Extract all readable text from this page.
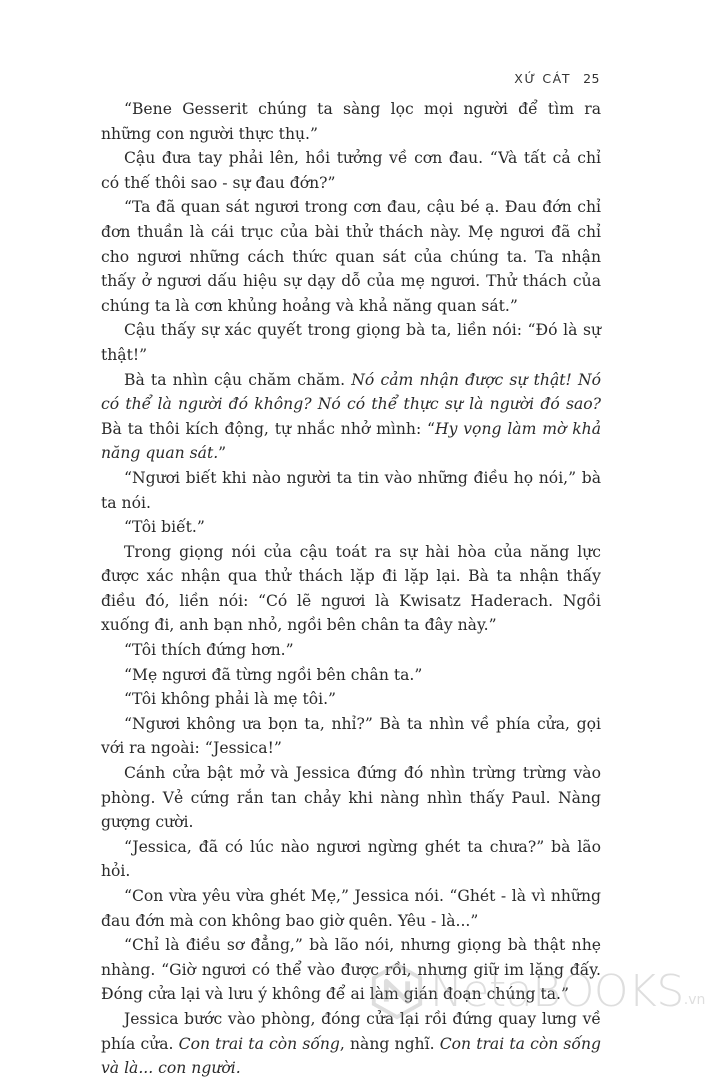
XỨ CÁT 25

“Bene Gesserit chúng ta sàng lọc mọi người để tìm ra những con người thực thụ.”

Cậu đưa tay phải lên, hồi tưởng về cơn đau. “Và tất cả chỉ có thế thôi sao - sự đau đớn?”

“Ta đã quan sát ngươi trong cơn đau, cậu bé ạ. Đau đớn chỉ đơn thuần là cái trục của bài thử thách này. Mẹ ngươi đã chỉ cho ngươi những cách thức quan sát của chúng ta. Ta nhận thấy ở ngươi dấu hiệu sự dạy dỗ của mẹ ngươi. Thử thách của chúng ta là cơn khủng hoảng và khả năng quan sát.”

Cậu thấy sự xác quyết trong giọng bà ta, liền nói: “Đó là sự thật!”

Bà ta nhìn cậu chăm chăm. Nó cảm nhận được sự thật! Nó có thể là người đó không? Nó có thể thực sự là người đó sao? Bà ta thôi kích động, tự nhắc nhở mình: “Hy vọng làm mờ khả năng quan sát.”

“Ngươi biết khi nào người ta tin vào những điều họ nói,” bà ta nói.

“Tôi biết.”

Trong giọng nói của cậu toát ra sự hài hòa của năng lực được xác nhận qua thử thách lặp đi lặp lại. Bà ta nhận thấy điều đó, liền nói: “Có lẽ ngươi là Kwisatz Haderach. Ngồi xuống đi, anh bạn nhỏ, ngồi bên chân ta đây này.”

“Tôi thích đứng hơn.”

“Mẹ ngươi đã từng ngồi bên chân ta.”

“Tôi không phải là mẹ tôi.”

“Ngươi không ưa bọn ta, nhỉ?” Bà ta nhìn về phía cửa, gọi với ra ngoài: “Jessica!”

Cánh cửa bật mở và Jessica đứng đó nhìn trừng trừng vào phòng. Vẻ cứng rắn tan chảy khi nàng nhìn thấy Paul. Nàng gượng cười.

“Jessica, đã có lúc nào ngươi ngừng ghét ta chưa?” bà lão hỏi.

“Con vừa yêu vừa ghét Mẹ,” Jessica nói. “Ghét - là vì những đau đớn mà con không bao giờ quên. Yêu - là...”

“Chỉ là điều sơ đẳng,” bà lão nói, nhưng giọng bà thật nhẹ nhàng. “Giờ ngươi có thể vào được rồi, nhưng giữ im lặng đấy. Đóng cửa lại và lưu ý không để ai làm gián đoạn chúng ta.”

Jessica bước vào phòng, đóng cửa lại rồi đứng quay lưng về phía cửa. Con trai ta còn sống, nàng nghĩ. Con trai ta còn sống và là... con người.

NetaBOOKS .vn
